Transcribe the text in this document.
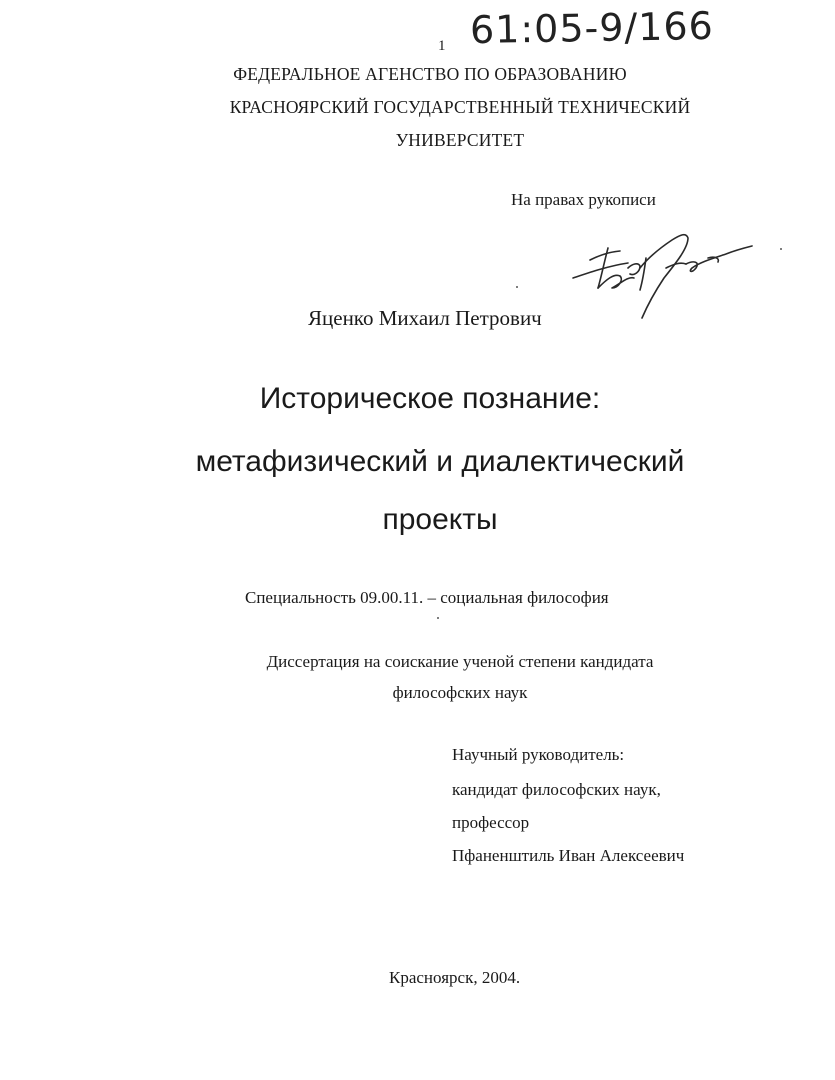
61:05-9/166
1
ФЕДЕРАЛЬНОЕ АГЕНСТВО ПО ОБРАЗОВАНИЮ
КРАСНОЯРСКИЙ ГОСУДАРСТВЕННЫЙ ТЕХНИЧЕСКИЙ
УНИВЕРСИТЕТ
На правах рукописи
Яценко Михаил Петрович
Историческое познание:
метафизический и диалектический
проекты
Специальность 09.00.11. – социальная философия
Диссертация на соискание ученой степени кандидата
философских наук
Научный руководитель:
кандидат философских наук,
профессор
Пфаненштиль Иван Алексеевич
Красноярск, 2004.
